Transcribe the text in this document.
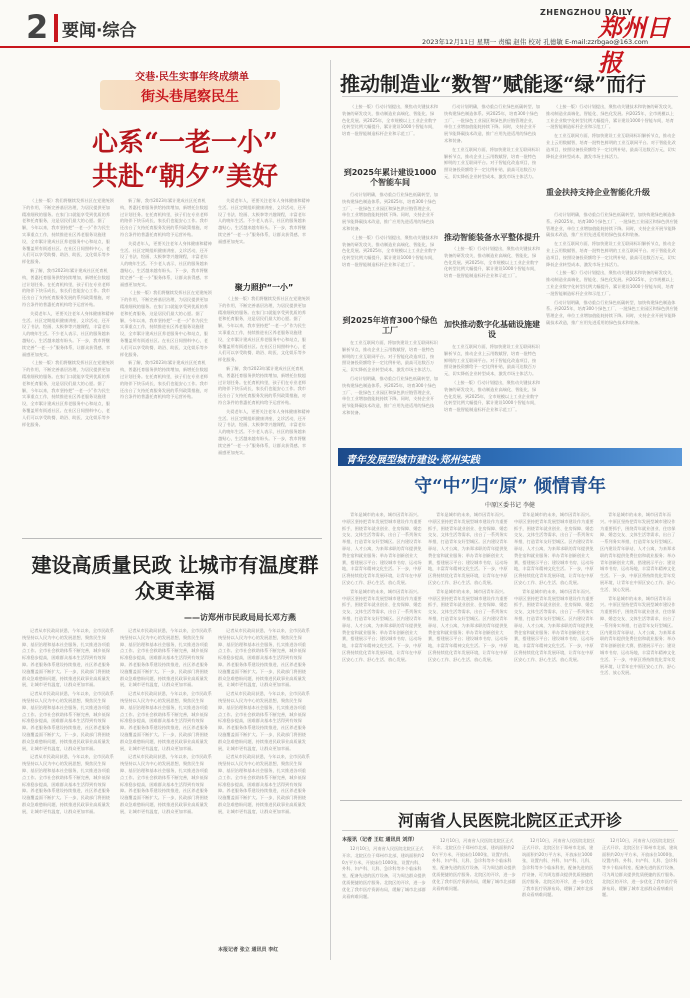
2 要闻·综合
ZHENGZHOU DAILY
郑州日报
2023年12月11日 星期一 责编 赵伟 校对 孔德敏 E-mail:zzrbgao@163.com
交巷·民生实事年终成绩单
街头巷尾察民生
心系“一老一小”
共赴“朝夕”美好

（上接一版）我们将继续发挥社区在党建统领下的作用，不断完善基层治理，为居民提供更加精准细致的服务。在家门口就能享受到优质的养老和托育服务，这是居民们最大的心愿。据了解，今年以来，我市坚持把“一老一小”作为民生实事重点工作，持续推进社区养老服务设施建设，全市累计建成社区养老服务中心和站点，服务覆盖所有街道社区。在社区日间照料中心，老人们可以享受助餐、助浴、助医、文化娱乐等多样化服务。

新了解，我市2023年累计建成社区托育机构，普惠托育服务供给持续增加，新增托位数超过计划任务。在托育机构里，孩子们在专业老师的陪伴下快乐成长，家长们也能安心工作。我市还出台了支持托育服务发展的系列政策措施，对符合条件的普惠托育机构给予运营补贴。

关爱老年人，更要关注老年人身体健康和精神生活。社区定期组织健康讲座、义诊活动，还开设了书法、绘画、太极拳等兴趣课程，丰富老年人的晚年生活。不少老人表示，社区的服务越来越贴心，生活越来越有盼头。下一步，我市将继续完善“一老一小”服务体系，让群众获得感、幸福感更加充实。

（上接一版）我们将继续发挥社区在党建统领下的作用，不断完善基层治理，为居民提供更加精准细致的服务。在家门口就能享受到优质的养老和托育服务，这是居民们最大的心愿。据了解，今年以来，我市坚持把“一老一小”作为民生实事重点工作，持续推进社区养老服务设施建设，全市累计建成社区养老服务中心和站点，服务覆盖所有街道社区。在社区日间照料中心，老人们可以享受助餐、助浴、助医、文化娱乐等多样化服务。

新了解，我市2023年累计建成社区托育机构，普惠托育服务供给持续增加，新增托位数超过计划任务。在托育机构里，孩子们在专业老师的陪伴下快乐成长，家长们也能安心工作。我市还出台了支持托育服务发展的系列政策措施，对符合条件的普惠托育机构给予运营补贴。

关爱老年人，更要关注老年人身体健康和精神生活。社区定期组织健康讲座、义诊活动，还开设了书法、绘画、太极拳等兴趣课程，丰富老年人的晚年生活。不少老人表示，社区的服务越来越贴心，生活越来越有盼头。下一步，我市将继续完善“一老一小”服务体系，让群众获得感、幸福感更加充实。

（上接一版）我们将继续发挥社区在党建统领下的作用，不断完善基层治理，为居民提供更加精准细致的服务。在家门口就能享受到优质的养老和托育服务，这是居民们最大的心愿。据了解，今年以来，我市坚持把“一老一小”作为民生实事重点工作，持续推进社区养老服务设施建设，全市累计建成社区养老服务中心和站点，服务覆盖所有街道社区。在社区日间照料中心，老人们可以享受助餐、助浴、助医、文化娱乐等多样化服务。

新了解，我市2023年累计建成社区托育机构，普惠托育服务供给持续增加，新增托位数超过计划任务。在托育机构里，孩子们在专业老师的陪伴下快乐成长，家长们也能安心工作。我市还出台了支持托育服务发展的系列政策措施，对符合条件的普惠托育机构给予运营补贴。

聚力照护“一小”

关爱老年人，更要关注老年人身体健康和精神生活。社区定期组织健康讲座、义诊活动，还开设了书法、绘画、太极拳等兴趣课程，丰富老年人的晚年生活。不少老人表示，社区的服务越来越贴心，生活越来越有盼头。下一步，我市将继续完善“一老一小”服务体系，让群众获得感、幸福感更加充实。

（上接一版）我们将继续发挥社区在党建统领下的作用，不断完善基层治理，为居民提供更加精准细致的服务。在家门口就能享受到优质的养老和托育服务，这是居民们最大的心愿。据了解，今年以来，我市坚持把“一老一小”作为民生实事重点工作，持续推进社区养老服务设施建设，全市累计建成社区养老服务中心和站点，服务覆盖所有街道社区。在社区日间照料中心，老人们可以享受助餐、助浴、助医、文化娱乐等多样化服务。

新了解，我市2023年累计建成社区托育机构，普惠托育服务供给持续增加，新增托位数超过计划任务。在托育机构里，孩子们在专业老师的陪伴下快乐成长，家长们也能安心工作。我市还出台了支持托育服务发展的系列政策措施，对符合条件的普惠托育机构给予运营补贴。

关爱老年人，更要关注老年人身体健康和精神生活。社区定期组织健康讲座、义诊活动，还开设了书法、绘画、太极拳等兴趣课程，丰富老年人的晚年生活。不少老人表示，社区的服务越来越贴心，生活越来越有盼头。下一步，我市将继续完善“一老一小”服务体系，让群众获得感、幸福感更加充实。

建设高质量民政 让城市有温度群众更幸福
——访郑州市民政局局长邓方燕

记者从市民政局获悉，今年以来，全市民政系统坚持以人民为中心的发展思想，聚焦民生保障、基层治理和基本社会服务，扎实推进各项重点工作。全市社会救助体系不断完善，城乡低保标准稳步提高，困难群众基本生活得到有效保障。养老服务体系建设持续推进，社区养老服务设施覆盖面不断扩大。下一步，民政部门将围绕群众急难愁盼问题，持续推进民政事业高质量发展，让城市更有温度，让群众更加幸福。

记者从市民政局获悉，今年以来，全市民政系统坚持以人民为中心的发展思想，聚焦民生保障、基层治理和基本社会服务，扎实推进各项重点工作。全市社会救助体系不断完善，城乡低保标准稳步提高，困难群众基本生活得到有效保障。养老服务体系建设持续推进，社区养老服务设施覆盖面不断扩大。下一步，民政部门将围绕群众急难愁盼问题，持续推进民政事业高质量发展，让城市更有温度，让群众更加幸福。

记者从市民政局获悉，今年以来，全市民政系统坚持以人民为中心的发展思想，聚焦民生保障、基层治理和基本社会服务，扎实推进各项重点工作。全市社会救助体系不断完善，城乡低保标准稳步提高，困难群众基本生活得到有效保障。养老服务体系建设持续推进，社区养老服务设施覆盖面不断扩大。下一步，民政部门将围绕群众急难愁盼问题，持续推进民政事业高质量发展，让城市更有温度，让群众更加幸福。

记者从市民政局获悉，今年以来，全市民政系统坚持以人民为中心的发展思想，聚焦民生保障、基层治理和基本社会服务，扎实推进各项重点工作。全市社会救助体系不断完善，城乡低保标准稳步提高，困难群众基本生活得到有效保障。养老服务体系建设持续推进，社区养老服务设施覆盖面不断扩大。下一步，民政部门将围绕群众急难愁盼问题，持续推进民政事业高质量发展，让城市更有温度，让群众更加幸福。

记者从市民政局获悉，今年以来，全市民政系统坚持以人民为中心的发展思想，聚焦民生保障、基层治理和基本社会服务，扎实推进各项重点工作。全市社会救助体系不断完善，城乡低保标准稳步提高，困难群众基本生活得到有效保障。养老服务体系建设持续推进，社区养老服务设施覆盖面不断扩大。下一步，民政部门将围绕群众急难愁盼问题，持续推进民政事业高质量发展，让城市更有温度，让群众更加幸福。

记者从市民政局获悉，今年以来，全市民政系统坚持以人民为中心的发展思想，聚焦民生保障、基层治理和基本社会服务，扎实推进各项重点工作。全市社会救助体系不断完善，城乡低保标准稳步提高，困难群众基本生活得到有效保障。养老服务体系建设持续推进，社区养老服务设施覆盖面不断扩大。下一步，民政部门将围绕群众急难愁盼问题，持续推进民政事业高质量发展，让城市更有温度，让群众更加幸福。

记者从市民政局获悉，今年以来，全市民政系统坚持以人民为中心的发展思想，聚焦民生保障、基层治理和基本社会服务，扎实推进各项重点工作。全市社会救助体系不断完善，城乡低保标准稳步提高，困难群众基本生活得到有效保障。养老服务体系建设持续推进，社区养老服务设施覆盖面不断扩大。下一步，民政部门将围绕群众急难愁盼问题，持续推进民政事业高质量发展，让城市更有温度，让群众更加幸福。

记者从市民政局获悉，今年以来，全市民政系统坚持以人民为中心的发展思想，聚焦民生保障、基层治理和基本社会服务，扎实推进各项重点工作。全市社会救助体系不断完善，城乡低保标准稳步提高，困难群众基本生活得到有效保障。养老服务体系建设持续推进，社区养老服务设施覆盖面不断扩大。下一步，民政部门将围绕群众急难愁盼问题，持续推进民政事业高质量发展，让城市更有温度，让群众更加幸福。

记者从市民政局获悉，今年以来，全市民政系统坚持以人民为中心的发展思想，聚焦民生保障、基层治理和基本社会服务，扎实推进各项重点工作。全市社会救助体系不断完善，城乡低保标准稳步提高，困难群众基本生活得到有效保障。养老服务体系建设持续推进，社区养老服务设施覆盖面不断扩大。下一步，民政部门将围绕群众急难愁盼问题，持续推进民政事业高质量发展，让城市更有温度，让群众更加幸福。

本报记者 张立 通讯员 李红
推动制造业“数智”赋能逐“绿”而行

（上接一版）行动计划提出，聚焦动关键技术和装备的研发攻关，推动制造业高端化、智能化、绿色化发展。到2025年，全市规模以上工业企业数字化转型比例大幅提升，累计建设1000个智能车间，培育一批智能制造标杆企业和示范工厂。

到2025年累计建设1000个智能车间

行动计划明确，推动重点行业绿色低碳转型，加快构建绿色制造体系。到2025年，培育300个绿色工厂、一批绿色工业园区和绿色供应链管理企业，单位工业增加值能耗持续下降。同时，支持企业开展节能降碳技术改造，推广应用先进适用的绿色技术和装备。

（上接一版）行动计划提出，聚焦动关键技术和装备的研发攻关，推动制造业高端化、智能化、绿色化发展。到2025年，全市规模以上工业企业数字化转型比例大幅提升，累计建设1000个智能车间，培育一批智能制造标杆企业和示范工厂。

到2025年培育300个绿色工厂

在工业互联网方面，将加快建设工业互联网标识解析节点，推动企业上云用数赋智，培育一批特色鲜明的工业互联网平台。对于智能化改造项目，按照设备投资额给予一定比例补贴，最高可达数百万元，切实降低企业转型成本，激发市场主体活力。

行动计划明确，推动重点行业绿色低碳转型，加快构建绿色制造体系。到2025年，培育300个绿色工厂、一批绿色工业园区和绿色供应链管理企业，单位工业增加值能耗持续下降。同时，支持企业开展节能降碳技术改造，推广应用先进适用的绿色技术和装备。

行动计划明确，推动重点行业绿色低碳转型，加快构建绿色制造体系。到2025年，培育300个绿色工厂、一批绿色工业园区和绿色供应链管理企业，单位工业增加值能耗持续下降。同时，支持企业开展节能降碳技术改造，推广应用先进适用的绿色技术和装备。

在工业互联网方面，将加快建设工业互联网标识解析节点，推动企业上云用数赋智，培育一批特色鲜明的工业互联网平台。对于智能化改造项目，按照设备投资额给予一定比例补贴，最高可达数百万元，切实降低企业转型成本，激发市场主体活力。

推动智能装备水平整体提升

（上接一版）行动计划提出，聚焦动关键技术和装备的研发攻关，推动制造业高端化、智能化、绿色化发展。到2025年，全市规模以上工业企业数字化转型比例大幅提升，累计建设1000个智能车间，培育一批智能制造标杆企业和示范工厂。

加快推动数字化基础设施建设

在工业互联网方面，将加快建设工业互联网标识解析节点，推动企业上云用数赋智，培育一批特色鲜明的工业互联网平台。对于智能化改造项目，按照设备投资额给予一定比例补贴，最高可达数百万元，切实降低企业转型成本，激发市场主体活力。

（上接一版）行动计划提出，聚焦动关键技术和装备的研发攻关，推动制造业高端化、智能化、绿色化发展。到2025年，全市规模以上工业企业数字化转型比例大幅提升，累计建设1000个智能车间，培育一批智能制造标杆企业和示范工厂。

（上接一版）行动计划提出，聚焦动关键技术和装备的研发攻关，推动制造业高端化、智能化、绿色化发展。到2025年，全市规模以上工业企业数字化转型比例大幅提升，累计建设1000个智能车间，培育一批智能制造标杆企业和示范工厂。

在工业互联网方面，将加快建设工业互联网标识解析节点，推动企业上云用数赋智，培育一批特色鲜明的工业互联网平台。对于智能化改造项目，按照设备投资额给予一定比例补贴，最高可达数百万元，切实降低企业转型成本，激发市场主体活力。

重金扶持支持企业智能化升级

行动计划明确，推动重点行业绿色低碳转型，加快构建绿色制造体系。到2025年，培育300个绿色工厂、一批绿色工业园区和绿色供应链管理企业，单位工业增加值能耗持续下降。同时，支持企业开展节能降碳技术改造，推广应用先进适用的绿色技术和装备。

在工业互联网方面，将加快建设工业互联网标识解析节点，推动企业上云用数赋智，培育一批特色鲜明的工业互联网平台。对于智能化改造项目，按照设备投资额给予一定比例补贴，最高可达数百万元，切实降低企业转型成本，激发市场主体活力。

（上接一版）行动计划提出，聚焦动关键技术和装备的研发攻关，推动制造业高端化、智能化、绿色化发展。到2025年，全市规模以上工业企业数字化转型比例大幅提升，累计建设1000个智能车间，培育一批智能制造标杆企业和示范工厂。

行动计划明确，推动重点行业绿色低碳转型，加快构建绿色制造体系。到2025年，培育300个绿色工厂、一批绿色工业园区和绿色供应链管理企业，单位工业增加值能耗持续下降。同时，支持企业开展节能降碳技术改造，推广应用先进适用的绿色技术和装备。

青年发展型城市建设·郑州实践
守“中”归“原” 倾情青年
中原区委书记 李健

青年是城市的未来，城市因青年而兴。中原区坚持把青年发展型城市建设作为重要抓手，围绕青年就业创业、住房保障、婚恋交友、文体生活等需求，出台了一系列务实举措，打造青年友好型城区。区内建设青年驿站、人才公寓，为来郑求职的青年提供免费住宿和就业服务；举办青年创新创业大赛，搭建展示平台；建设城市书房、运动场地，丰富青年精神文化生活。下一步，中原区将持续优化青年发展环境，让青年在中原区安心工作、舒心生活、放心发展。

青年是城市的未来，城市因青年而兴。中原区坚持把青年发展型城市建设作为重要抓手，围绕青年就业创业、住房保障、婚恋交友、文体生活等需求，出台了一系列务实举措，打造青年友好型城区。区内建设青年驿站、人才公寓，为来郑求职的青年提供免费住宿和就业服务；举办青年创新创业大赛，搭建展示平台；建设城市书房、运动场地，丰富青年精神文化生活。下一步，中原区将持续优化青年发展环境，让青年在中原区安心工作、舒心生活、放心发展。

青年是城市的未来，城市因青年而兴。中原区坚持把青年发展型城市建设作为重要抓手，围绕青年就业创业、住房保障、婚恋交友、文体生活等需求，出台了一系列务实举措，打造青年友好型城区。区内建设青年驿站、人才公寓，为来郑求职的青年提供免费住宿和就业服务；举办青年创新创业大赛，搭建展示平台；建设城市书房、运动场地，丰富青年精神文化生活。下一步，中原区将持续优化青年发展环境，让青年在中原区安心工作、舒心生活、放心发展。

青年是城市的未来，城市因青年而兴。中原区坚持把青年发展型城市建设作为重要抓手，围绕青年就业创业、住房保障、婚恋交友、文体生活等需求，出台了一系列务实举措，打造青年友好型城区。区内建设青年驿站、人才公寓，为来郑求职的青年提供免费住宿和就业服务；举办青年创新创业大赛，搭建展示平台；建设城市书房、运动场地，丰富青年精神文化生活。下一步，中原区将持续优化青年发展环境，让青年在中原区安心工作、舒心生活、放心发展。

青年是城市的未来，城市因青年而兴。中原区坚持把青年发展型城市建设作为重要抓手，围绕青年就业创业、住房保障、婚恋交友、文体生活等需求，出台了一系列务实举措，打造青年友好型城区。区内建设青年驿站、人才公寓，为来郑求职的青年提供免费住宿和就业服务；举办青年创新创业大赛，搭建展示平台；建设城市书房、运动场地，丰富青年精神文化生活。下一步，中原区将持续优化青年发展环境，让青年在中原区安心工作、舒心生活、放心发展。

青年是城市的未来，城市因青年而兴。中原区坚持把青年发展型城市建设作为重要抓手，围绕青年就业创业、住房保障、婚恋交友、文体生活等需求，出台了一系列务实举措，打造青年友好型城区。区内建设青年驿站、人才公寓，为来郑求职的青年提供免费住宿和就业服务；举办青年创新创业大赛，搭建展示平台；建设城市书房、运动场地，丰富青年精神文化生活。下一步，中原区将持续优化青年发展环境，让青年在中原区安心工作、舒心生活、放心发展。

青年是城市的未来，城市因青年而兴。中原区坚持把青年发展型城市建设作为重要抓手，围绕青年就业创业、住房保障、婚恋交友、文体生活等需求，出台了一系列务实举措，打造青年友好型城区。区内建设青年驿站、人才公寓，为来郑求职的青年提供免费住宿和就业服务；举办青年创新创业大赛，搭建展示平台；建设城市书房、运动场地，丰富青年精神文化生活。下一步，中原区将持续优化青年发展环境，让青年在中原区安心工作、舒心生活、放心发展。

青年是城市的未来，城市因青年而兴。中原区坚持把青年发展型城市建设作为重要抓手，围绕青年就业创业、住房保障、婚恋交友、文体生活等需求，出台了一系列务实举措，打造青年友好型城区。区内建设青年驿站、人才公寓，为来郑求职的青年提供免费住宿和就业服务；举办青年创新创业大赛，搭建展示平台；建设城市书房、运动场地，丰富青年精神文化生活。下一步，中原区将持续优化青年发展环境，让青年在中原区安心工作、舒心生活、放心发展。

河南省人民医院北院区正式开诊
本报讯（记者 王红 通讯员 刘洋）

12月10日，河南省人民医院北院区正式开诊。北院区位于郑州市北部，建筑面积约20万平方米，开放床位1000张，设置内科、外科、妇产科、儿科、急诊科等多个临床科室，配备先进的医疗设备，可为周边群众提供优质便捷的医疗服务。北院区的开诊，进一步优化了我市医疗资源布局，缓解了城市北部群众看病难问题。

12月10日，河南省人民医院北院区正式开诊。北院区位于郑州市北部，建筑面积约20万平方米，开放床位1000张，设置内科、外科、妇产科、儿科、急诊科等多个临床科室，配备先进的医疗设备，可为周边群众提供优质便捷的医疗服务。北院区的开诊，进一步优化了我市医疗资源布局，缓解了城市北部群众看病难问题。

12月10日，河南省人民医院北院区正式开诊。北院区位于郑州市北部，建筑面积约20万平方米，开放床位1000张，设置内科、外科、妇产科、儿科、急诊科等多个临床科室，配备先进的医疗设备，可为周边群众提供优质便捷的医疗服务。北院区的开诊，进一步优化了我市医疗资源布局，缓解了城市北部群众看病难问题。

12月10日，河南省人民医院北院区正式开诊。北院区位于郑州市北部，建筑面积约20万平方米，开放床位1000张，设置内科、外科、妇产科、儿科、急诊科等多个临床科室，配备先进的医疗设备，可为周边群众提供优质便捷的医疗服务。北院区的开诊，进一步优化了我市医疗资源布局，缓解了城市北部群众看病难问题。
